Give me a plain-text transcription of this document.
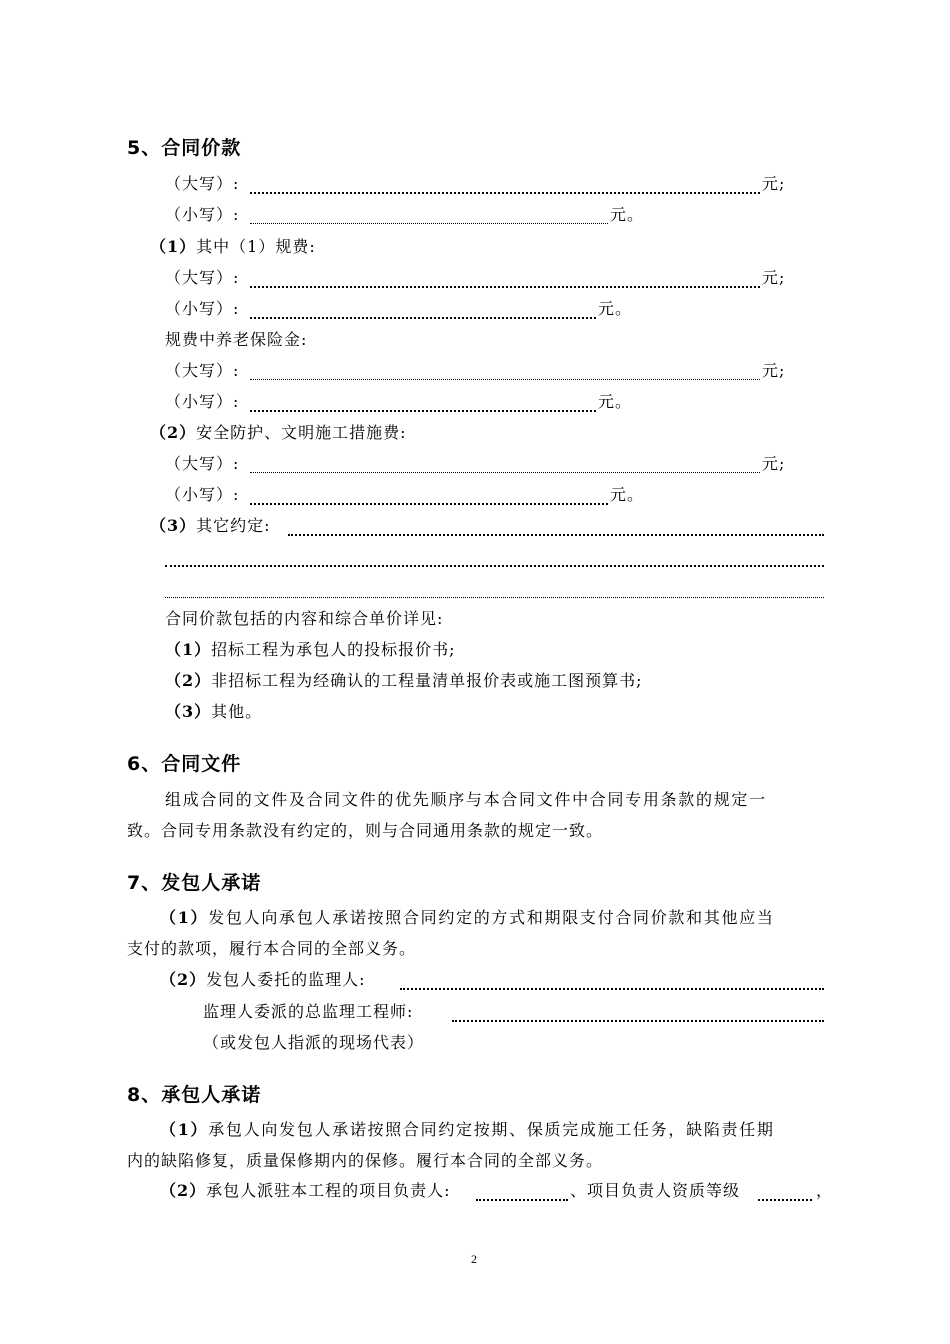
5、合同价款
（大写）:	元;
（小写）:	元。
（1）其中（1）规费:
（大写）:	元;
（小写）:	元。
规费中养老保险金:
（大写）:	元;
（小写）:	元。
（2）安全防护、文明施工措施费:
（大写）:	元;
（小写）:	元。
（3）其它约定:
合同价款包括的内容和综合单价详见:
（1）招标工程为承包人的投标报价书;
（2）非招标工程为经确认的工程量清单报价表或施工图预算书;
（3）其他。
6、合同文件
组成合同的文件及合同文件的优先顺序与本合同文件中合同专用条款的规定一
致。合同专用条款没有约定的，则与合同通用条款的规定一致。
7、发包人承诺
（1）发包人向承包人承诺按照合同约定的方式和期限支付合同价款和其他应当
支付的款项，履行本合同的全部义务。
（2）发包人委托的监理人:
监理人委派的总监理工程师:
（或发包人指派的现场代表）
8、承包人承诺
（1）承包人向发包人承诺按照合同约定按期、保质完成施工任务，缺陷责任期
内的缺陷修复，质量保修期内的保修。履行本合同的全部义务。
（2）承包人派驻本工程的项目负责人:	、项目负责人资质等级	，
2
